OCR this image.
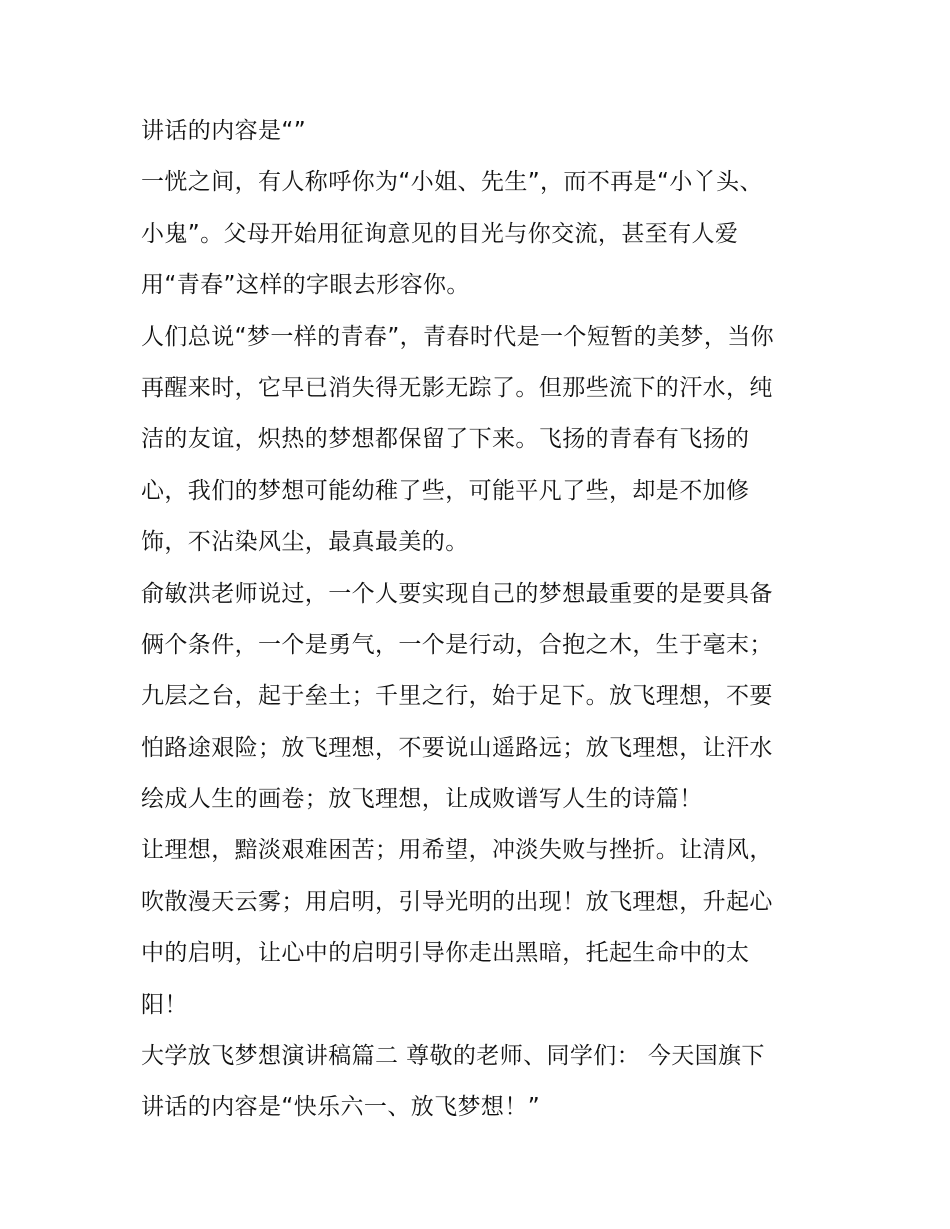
讲话的内容是“”
一恍之间，有人称呼你为“小姐、先生”，而不再是“小丫头、
小鬼”。父母开始用征询意见的目光与你交流，甚至有人爱
用“青春”这样的字眼去形容你。
人们总说“梦一样的青春”，青春时代是一个短暂的美梦，当你
再醒来时，它早已消失得无影无踪了。但那些流下的汗水，纯
洁的友谊，炽热的梦想都保留了下来。飞扬的青春有飞扬的
心，我们的梦想可能幼稚了些，可能平凡了些，却是不加修
饰，不沾染风尘，最真最美的。
俞敏洪老师说过，一个人要实现自己的梦想最重要的是要具备
俩个条件，一个是勇气，一个是行动，合抱之木，生于毫末；
九层之台，起于垒土；千里之行，始于足下。放飞理想，不要
怕路途艰险；放飞理想，不要说山遥路远；放飞理想，让汗水
绘成人生的画卷；放飞理想，让成败谱写人生的诗篇！
让理想，黯淡艰难困苦；用希望，冲淡失败与挫折。让清风，
吹散漫天云雾；用启明，引导光明的出现！放飞理想，升起心
中的启明，让心中的启明引导你走出黑暗，托起生命中的太
阳！
大学放飞梦想演讲稿篇二 尊敬的老师、同学们： 今天国旗下
讲话的内容是“快乐六一、放飞梦想！”
